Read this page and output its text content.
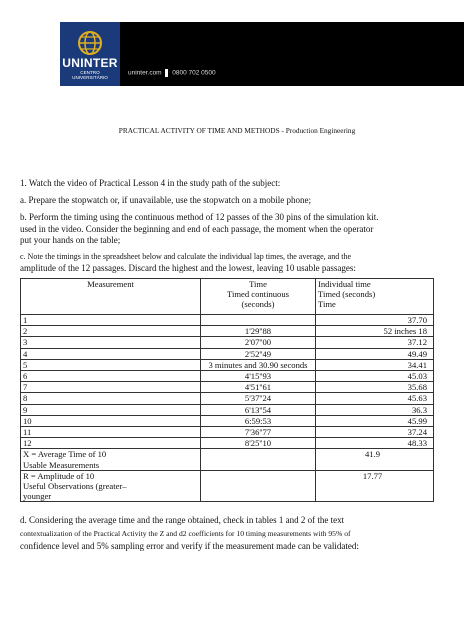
UNINTER
CENTRO
UNIVERSITÁRIO
uninter.com 0800 702 0500
PRACTICAL ACTIVITY OF TIME AND METHODS - Production Engineering
1. Watch the video of Practical Lesson 4 in the study path of the subject:
a. Prepare the stopwatch or, if unavailable, use the stopwatch on a mobile phone;
b. Perform the timing using the continuous method of 12 passes of the 30 pins of the simulation kit.
used in the video. Consider the beginning and end of each passage, the moment when the operator
put your hands on the table;
c. Note the timings in the spreadsheet below and calculate the individual lap times, the average, and the
amplitude of the 12 passages. Discard the highest and the lowest, leaving 10 usable passages:
Measurement	Time
Timed continuous
(seconds)	Individual time
Timed (seconds)
Time

1		37.70
2	1'29''88	52 inches 18
3	2'07''00	37.12
4	2'52''49	49.49
5	3 minutes and 30.90 seconds	34.41
6	4'15''93	45.03
7	4'51''61	35.68
8	5'37''24	45.63
9	6'13''54	36.3
10	6:59:53	45.99
11	7'36''77	37.24
12	8'25''10	48.33

X = Average Time of 10
Usable Measurements		41.9

R = Amplitude of 10
Useful Observations (greater–
younger		17.77
d. Considering the average time and the range obtained, check in tables 1 and 2 of the text
contextualization of the Practical Activity the Z and d2 coefficients for 10 timing measurements with 95% of
confidence level and 5% sampling error and verify if the measurement made can be validated:
